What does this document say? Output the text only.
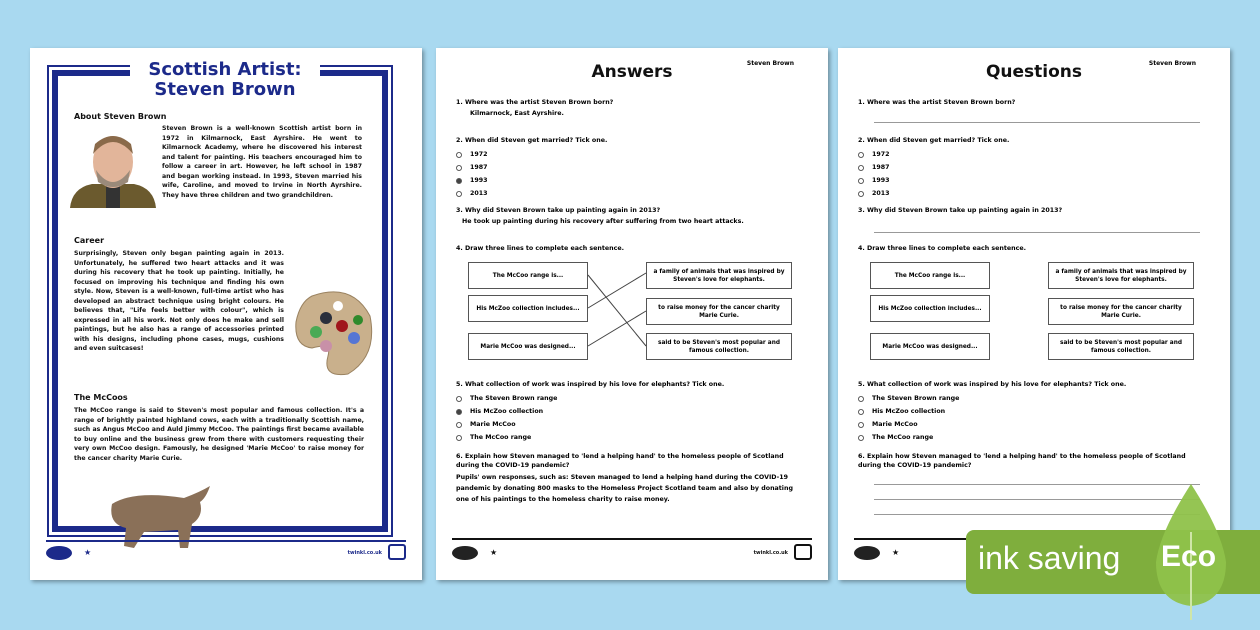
Scottish Artist:
Steven Brown
About Steven Brown
Steven Brown is a well-known Scottish artist born in 1972 in Kilmarnock, East Ayrshire. He went to Kilmarnock Academy, where he discovered his interest and talent for painting. His teachers encouraged him to follow a career in art. However, he left school in 1987 and began working instead. In 1993, Steven married his wife, Caroline, and moved to Irvine in North Ayrshire. They have three children and two grandchildren.
Career
Surprisingly, Steven only began painting again in 2013. Unfortunately, he suffered two heart attacks and it was during his recovery that he took up painting. Initially, he focused on improving his technique and finding his own style. Now, Steven is a well-known, full-time artist who has developed an abstract technique using bright colours. He believes that, "Life feels better with colour", which is expressed in all his work. Not only does he make and sell paintings, but he also has a range of accessories printed with his designs, including phone cases, mugs, cushions and even suitcases!
The McCoos
The McCoo range is said to Steven's most popular and famous collection. It's a range of brightly painted highland cows, each with a traditionally Scottish name, such as Angus McCoo and Auld Jimmy McCoo. The paintings first became available to buy online and the business grew from there with customers requesting their very own McCoo design. Famously, he designed 'Marie McCoo' to raise money for the cancer charity Marie Curie.
★	twinkl.co.uk
Steven Brown
Answers
1. Where was the artist Steven Brown born?
Kilmarnock, East Ayrshire.
2. When did Steven get married? Tick one.
1972
1987
1993
2013
3. Why did Steven Brown take up painting again in 2013?
He took up painting during his recovery after suffering from two heart attacks.
4. Draw three lines to complete each sentence.
The McCoo range is...
His McZoo collection includes...
Marie McCoo was designed...
a family of animals that was inspired by Steven's love for elephants.
to raise money for the cancer charity Marie Curie.
said to be Steven's most popular and famous collection.
5. What collection of work was inspired by his love for elephants? Tick one.
The Steven Brown range
His McZoo collection
Marie McCoo
The McCoo range
6. Explain how Steven managed to 'lend a helping hand' to the homeless people of Scotland during the COVID-19 pandemic?
Pupils' own responses, such as: Steven managed to lend a helping hand during the COVID-19 pandemic by donating 800 masks to the Homeless Project Scotland team and also by donating one of his paintings to the homeless charity to raise money.
★	twinkl.co.uk
Steven Brown
Questions
1. Where was the artist Steven Brown born?
2. When did Steven get married? Tick one.
1972
1987
1993
2013
3. Why did Steven Brown take up painting again in 2013?
4. Draw three lines to complete each sentence.
The McCoo range is...
His McZoo collection includes...
Marie McCoo was designed...
a family of animals that was inspired by Steven's love for elephants.
to raise money for the cancer charity Marie Curie.
said to be Steven's most popular and famous collection.
5. What collection of work was inspired by his love for elephants? Tick one.
The Steven Brown range
His McZoo collection
Marie McCoo
The McCoo range
6. Explain how Steven managed to 'lend a helping hand' to the homeless people of Scotland during the COVID-19 pandemic?
★ ink saving Eco
